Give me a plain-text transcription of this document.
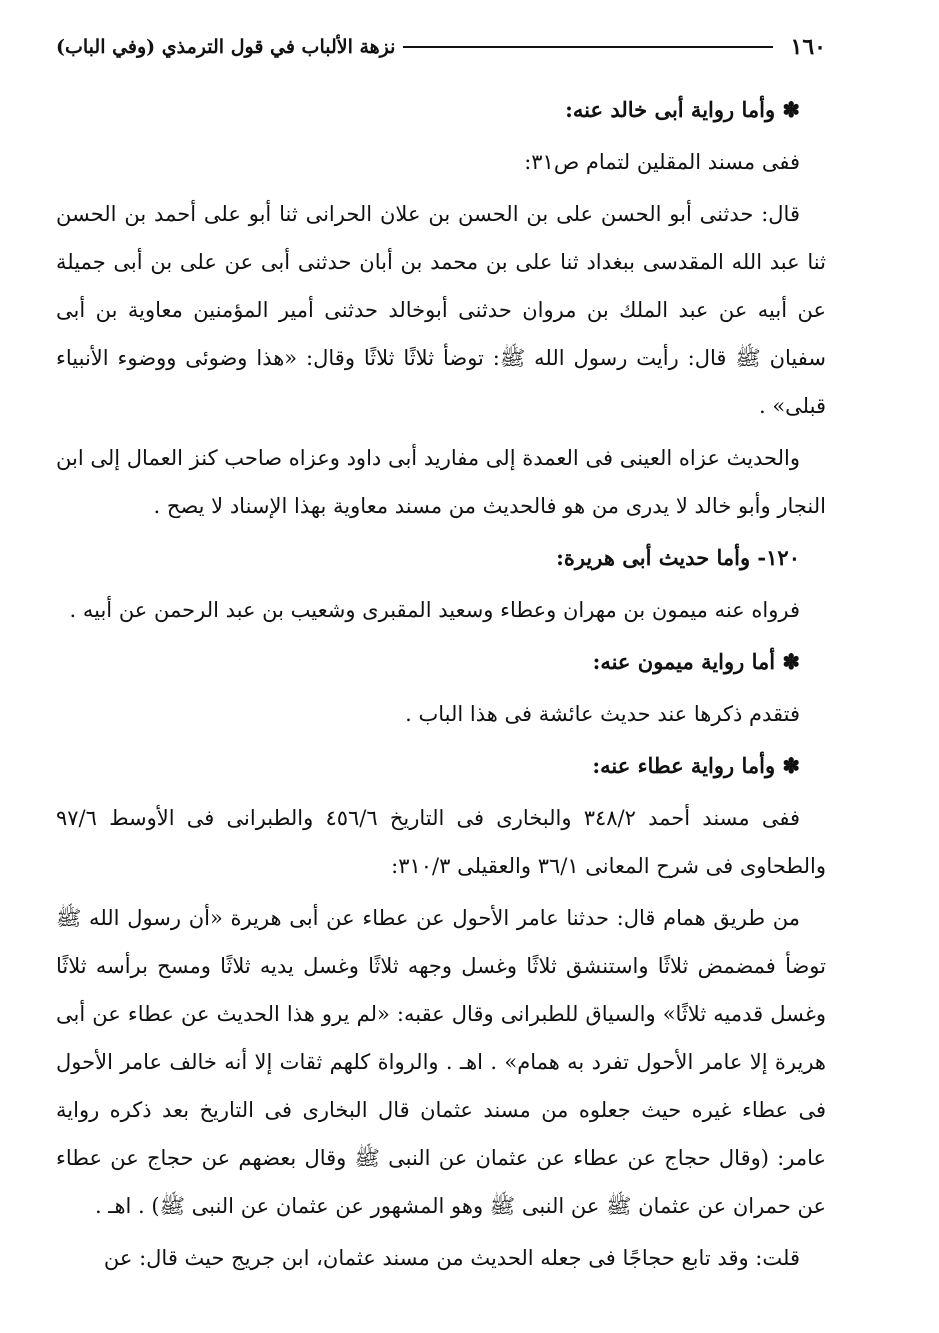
١٦٠
نزهة الألباب في قول الترمذي (وفي الباب)

✽ وأما رواية أبى خالد عنه:

ففى مسند المقلين لتمام ص٣١:

قال: حدثنى أبو الحسن على بن الحسن بن علان الحرانى ثنا أبو على أحمد بن الحسن ثنا عبد الله المقدسى ببغداد ثنا على بن محمد بن أبان حدثنى أبى عن على بن أبى جميلة عن أبيه عن عبد الملك بن مروان حدثنى أبوخالد حدثنى أمير المؤمنين معاوية بن أبى سفيان ﷺ قال: رأيت رسول الله ﷺ: توضأ ثلاثًا ثلاثًا وقال: «هذا وضوئى ووضوء الأنبياء قبلى» .

والحديث عزاه العينى فى العمدة إلى مفاريد أبى داود وعزاه صاحب كنز العمال إلى ابن النجار وأبو خالد لا يدرى من هو فالحديث من مسند معاوية بهذا الإسناد لا يصح .

١٢٠- وأما حديث أبى هريرة:

فرواه عنه ميمون بن مهران وعطاء وسعيد المقبرى وشعيب بن عبد الرحمن عن أبيه .

✽ أما رواية ميمون عنه:

فتقدم ذكرها عند حديث عائشة فى هذا الباب .

✽ وأما رواية عطاء عنه:

ففى مسند أحمد ٣٤٨/٢ والبخارى فى التاريخ ٤٥٦/٦ والطبرانى فى الأوسط ٩٧/٦ والطحاوى فى شرح المعانى ٣٦/١ والعقيلى ٣١٠/٣:

من طريق همام قال: حدثنا عامر الأحول عن عطاء عن أبى هريرة «أن رسول الله ﷺ توضأ فمضمض ثلاثًا واستنشق ثلاثًا وغسل وجهه ثلاثًا وغسل يديه ثلاثًا ومسح برأسه ثلاثًا وغسل قدميه ثلاثًا» والسياق للطبرانى وقال عقبه: «لم يرو هذا الحديث عن عطاء عن أبى هريرة إلا عامر الأحول تفرد به همام» . اهـ . والرواة كلهم ثقات إلا أنه خالف عامر الأحول فى عطاء غيره حيث جعلوه من مسند عثمان قال البخارى فى التاريخ بعد ذكره رواية عامر: (وقال حجاج عن عطاء عن عثمان عن النبى ﷺ وقال بعضهم عن حجاج عن عطاء عن حمران عن عثمان ﷺ عن النبى ﷺ وهو المشهور عن عثمان عن النبى ﷺ) . اهـ .

قلت: وقد تابع حجاجًا فى جعله الحديث من مسند عثمان، ابن جريج حيث قال: عن
